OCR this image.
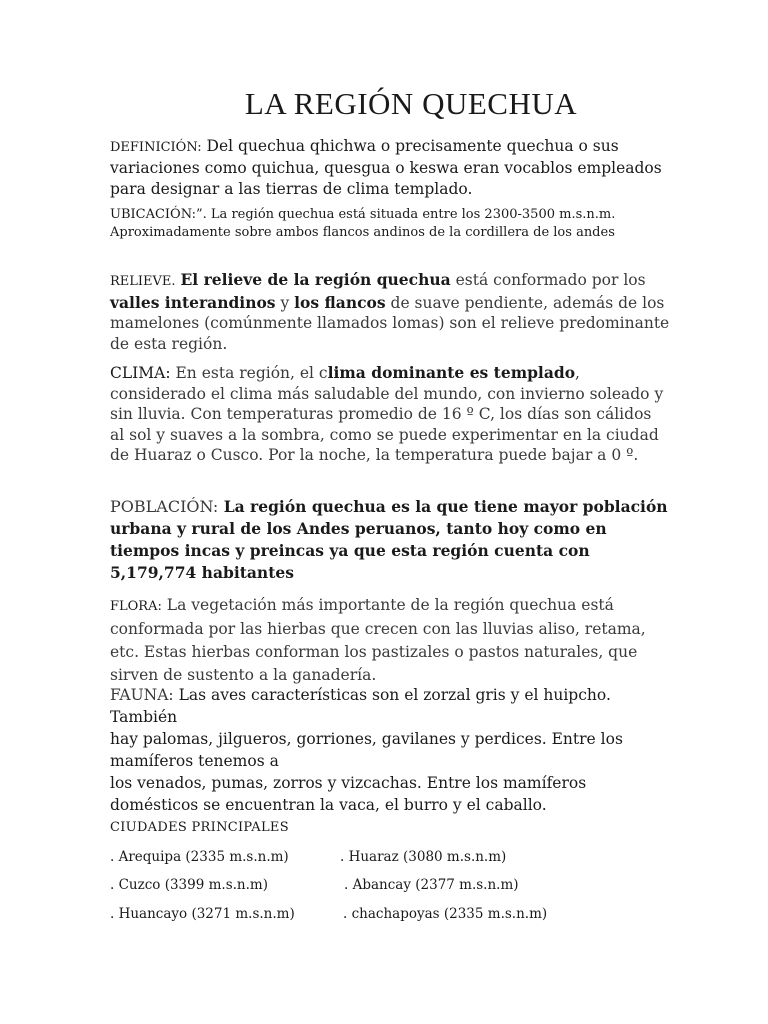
LA REGIÓN QUECHUA

DEFINICIÓN: Del quechua qhichwa o precisamente quechua o sus variaciones como quichua, quesgua o keswa eran vocablos empleados para designar a las tierras de clima templado.

UBICACIÓN:”. La región quechua está situada entre los 2300-3500 m.s.n.m. Aproximadamente sobre ambos flancos andinos de la cordillera de los andes

RELIEVE. El relieve de la región quechua está conformado por los valles interandinos y los flancos de suave pendiente, además de los mamelones (comúnmente llamados lomas) son el relieve predominante de esta región.

CLIMA: En esta región, el clima dominante es templado, considerado el clima más saludable del mundo, con invierno soleado y sin lluvia. Con temperaturas promedio de 16 º C, los días son cálidos al sol y suaves a la sombra, como se puede experimentar en la ciudad de Huaraz o Cusco. Por la noche, la temperatura puede bajar a 0 º.

POBLACIÓN: La región quechua es la que tiene mayor población urbana y rural de los Andes peruanos, tanto hoy como en tiempos incas y preincas ya que esta región cuenta con 5,179,774 habitantes

FLORA: La vegetación más importante de la región quechua está conformada por las hierbas que crecen con las lluvias aliso, retama, etc. Estas hierbas conforman los pastizales o pastos naturales, que sirven de sustento a la ganadería.

FAUNA: Las aves características son el zorzal gris y el huipcho. También
hay palomas, jilgueros, gorriones, gavilanes y perdices. Entre los mamíferos tenemos a
los venados, pumas, zorros y vizcachas. Entre los mamíferos domésticos se encuentran la vaca, el burro y el caballo.

CIUDADES PRINCIPALES
. Arequipa (2335 m.s.n.m)	. Huaraz (3080 m.s.n.m)
. Cuzco (3399 m.s.n.m)	. Abancay (2377 m.s.n.m)
. Huancayo (3271 m.s.n.m)	. chachapoyas (2335 m.s.n.m)
